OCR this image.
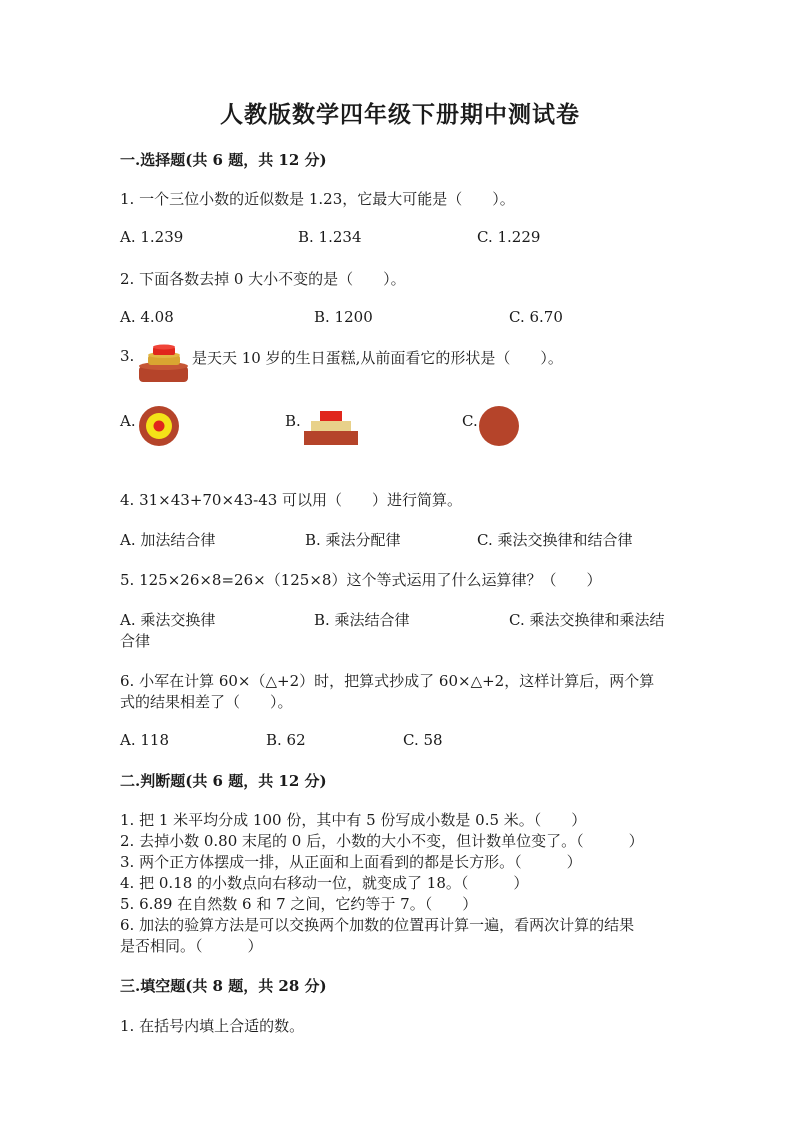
人教版数学四年级下册期中测试卷
一.选择题(共 6 题，共 12 分)
1. 一个三位小数的近似数是 1.23，它最大可能是（　　）。
A. 1.239	B. 1.234	C. 1.229
2. 下面各数去掉 0 大小不变的是（　　）。
A. 4.08	B. 1200	C. 6.70
3.	是天天 10 岁的生日蛋糕,从前面看它的形状是（　　）。
A.	B.	C.
4. 31×43+70×43-43 可以用（　　）进行简算。
A. 加法结合律	B. 乘法分配律	C. 乘法交换律和结合律
5. 125×26×8=26×（125×8）这个等式运用了什么运算律？（　　）
A. 乘法交换律	B. 乘法结合律	C. 乘法交换律和乘法结
合律
6. 小军在计算 60×（△+2）时，把算式抄成了 60×△+2，这样计算后，两个算
式的结果相差了（　　）。
A. 118	B. 62	C. 58
二.判断题(共 6 题，共 12 分)
1. 把 1 米平均分成 100 份，其中有 5 份写成小数是 0.5 米。（　　）
2. 去掉小数 0.80 末尾的 0 后，小数的大小不变，但计数单位变了。（　　　）
3. 两个正方体摆成一排，从正面和上面看到的都是长方形。（　　　）
4. 把 0.18 的小数点向右移动一位，就变成了 18。（　　　）
5. 6.89 在自然数 6 和 7 之间，它约等于 7。（　　）
6. 加法的验算方法是可以交换两个加数的位置再计算一遍，看两次计算的结果
是否相同。（　　　）
三.填空题(共 8 题，共 28 分)
1. 在括号内填上合适的数。
